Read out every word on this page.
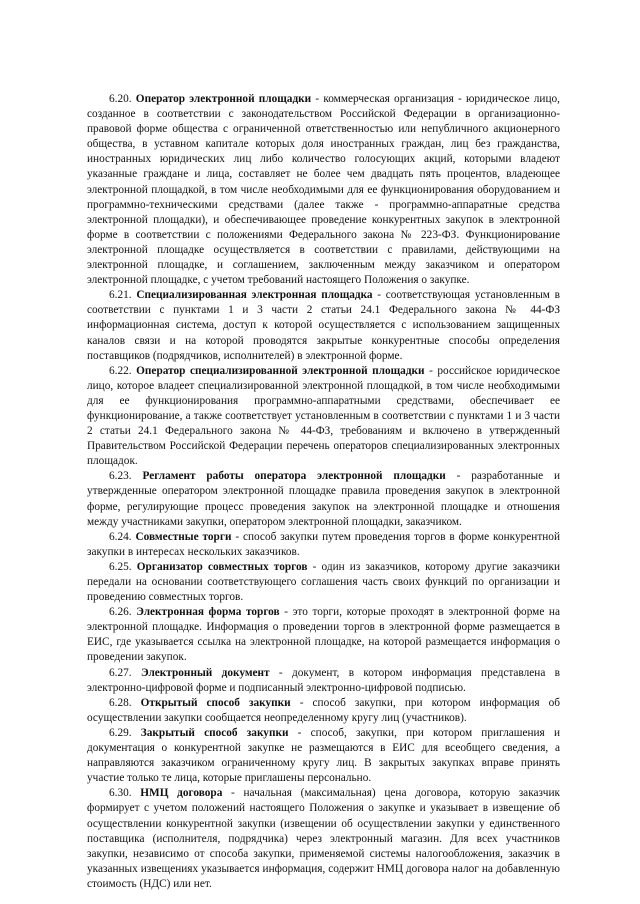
6.20. Оператор электронной площадки - коммерческая организация - юридическое лицо, созданное в соответствии с законодательством Российской Федерации в организационно-правовой форме общества с ограниченной ответственностью или непубличного акционерного общества, в уставном капитале которых доля иностранных граждан, лиц без гражданства, иностранных юридических лиц либо количество голосующих акций, которыми владеют указанные граждане и лица, составляет не более чем двадцать пять процентов, владеющее электронной площадкой, в том числе необходимыми для ее функционирования оборудованием и программно-техническими средствами (далее также - программно-аппаратные средства электронной площадки), и обеспечивающее проведение конкурентных закупок в электронной форме в соответствии с положениями Федерального закона № 223-ФЗ. Функционирование электронной площадке осуществляется в соответствии с правилами, действующими на электронной площадке, и соглашением, заключенным между заказчиком и оператором электронной площадке, с учетом требований настоящего Положения о закупке.

6.21. Специализированная электронная площадка - соответствующая установленным в соответствии с пунктами 1 и 3 части 2 статьи 24.1 Федерального закона № 44-ФЗ информационная система, доступ к которой осуществляется с использованием защищенных каналов связи и на которой проводятся закрытые конкурентные способы определения поставщиков (подрядчиков, исполнителей) в электронной форме.

6.22. Оператор специализированной электронной площадки - российское юридическое лицо, которое владеет специализированной электронной площадкой, в том числе необходимыми для ее функционирования программно-аппаратными средствами, обеспечивает ее функционирование, а также соответствует установленным в соответствии с пунктами 1 и 3 части 2 статьи 24.1 Федерального закона № 44-ФЗ, требованиям и включено в утвержденный Правительством Российской Федерации перечень операторов специализированных электронных площадок.

6.23. Регламент работы оператора электронной площадки - разработанные и утвержденные оператором электронной площадке правила проведения закупок в электронной форме, регулирующие процесс проведения закупок на электронной площадке и отношения между участниками закупки, оператором электронной площадки, заказчиком.

6.24. Совместные торги - способ закупки путем проведения торгов в форме конкурентной закупки в интересах нескольких заказчиков.

6.25. Организатор совместных торгов - один из заказчиков, которому другие заказчики передали на основании соответствующего соглашения часть своих функций по организации и проведению совместных торгов.

6.26. Электронная форма торгов - это торги, которые проходят в электронной форме на электронной площадке. Информация о проведении торгов в электронной форме размещается в ЕИС, где указывается ссылка на электронной площадке, на которой размещается информация о проведении закупок.

6.27. Электронный документ - документ, в котором информация представлена в электронно-цифровой форме и подписанный электронно-цифровой подписью.

6.28. Открытый способ закупки - способ закупки, при котором информация об осуществлении закупки сообщается неопределенному кругу лиц (участников).

6.29. Закрытый способ закупки - способ, закупки, при котором приглашения и документация о конкурентной закупке не размещаются в ЕИС для всеобщего сведения, а направляются заказчиком ограниченному кругу лиц. В закрытых закупках вправе принять участие только те лица, которые приглашены персонально.

6.30. НМЦ договора - начальная (максимальная) цена договора, которую заказчик формирует с учетом положений настоящего Положения о закупке и указывает в извещение об осуществлении конкурентной закупки (извещении об осуществлении закупки у единственного поставщика (исполнителя, подрядчика) через электронный магазин. Для всех участников закупки, независимо от способа закупки, применяемой системы налогообложения, заказчик в указанных извещениях указывается информация, содержит НМЦ договора налог на добавленную стоимость (НДС) или нет.
